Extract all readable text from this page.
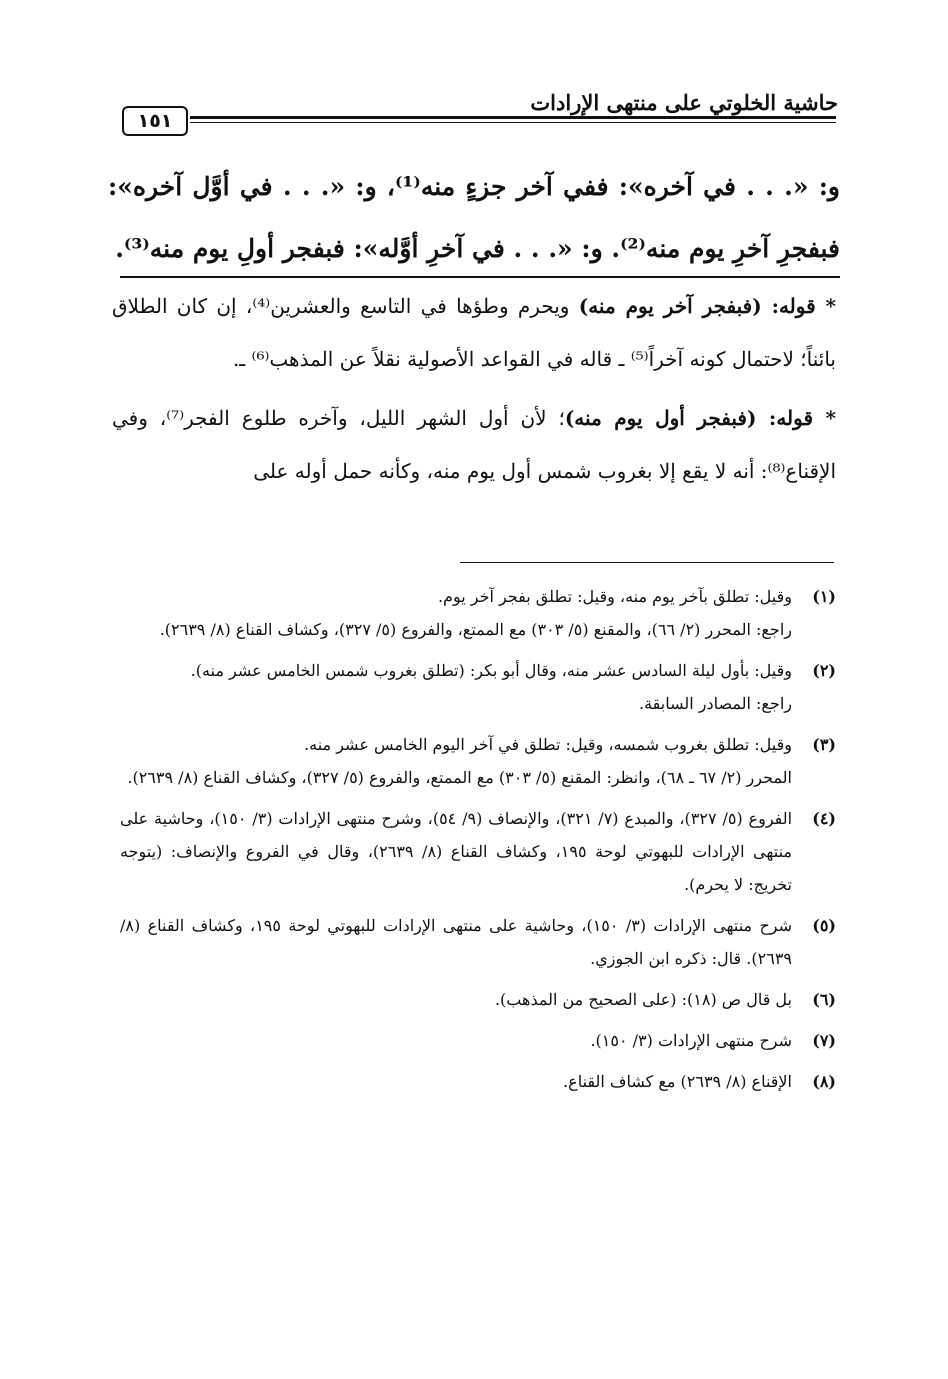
حاشية الخلوتي على منتهى الإرادات
١٥١
و: «. . . في آخره»: ففي آخر جزءٍ منه⁽¹⁾، و: «. . . في أوَّل آخره»: فبفجرِ آخرِ يوم منه⁽²⁾. و: «. . . في آخرِ أوَّله»: فبفجر أولِ يوم منه⁽³⁾.

* قوله: (فبفجر آخر يوم منه) ويحرم وطؤها في التاسع والعشرين⁽⁴⁾، إن كان الطلاق بائناً؛ لاحتمال كونه آخراً⁽⁵⁾ ـ قاله في القواعد الأصولية نقلاً عن المذهب⁽⁶⁾ ـ.

* قوله: (فبفجر أول يوم منه)؛ لأن أول الشهر الليل، وآخره طلوع الفجر⁽⁷⁾، وفي الإقناع⁽⁸⁾: أنه لا يقع إلا بغروب شمس أول يوم منه، وكأنه حمل أوله على

(١)
وقيل: تطلق بآخر يوم منه، وقيل: تطلق بفجر آخر يوم.
راجع: المحرر (٢/ ٦٦)، والمقنع (٥/ ٣٠٣) مع الممتع، والفروع (٥/ ٣٢٧)، وكشاف القناع (٨/ ٢٦٣٩).
(٢)
وقيل: بأول ليلة السادس عشر منه، وقال أبو بكر: (تطلق بغروب شمس الخامس عشر منه).
راجع: المصادر السابقة.
(٣)
وقيل: تطلق بغروب شمسه، وقيل: تطلق في آخر اليوم الخامس عشر منه.
المحرر (٢/ ٦٧ ـ ٦٨)، وانظر: المقنع (٥/ ٣٠٣) مع الممتع، والفروع (٥/ ٣٢٧)، وكشاف القناع (٨/ ٢٦٣٩).
(٤)
الفروع (٥/ ٣٢٧)، والمبدع (٧/ ٣٢١)، والإنصاف (٩/ ٥٤)، وشرح منتهى الإرادات (٣/ ١٥٠)، وحاشية على منتهى الإرادات للبهوتي لوحة ١٩٥، وكشاف القناع (٨/ ٢٦٣٩)، وقال في الفروع والإنصاف: (يتوجه تخريج: لا يحرم).
(٥)
شرح منتهى الإرادات (٣/ ١٥٠)، وحاشية على منتهى الإرادات للبهوتي لوحة ١٩٥، وكشاف القناع (٨/ ٢٦٣٩). قال: ذكره ابن الجوزي.
(٦)
بل قال ص (١٨): (على الصحيح من المذهب).
(٧)
شرح منتهى الإرادات (٣/ ١٥٠).
(٨)
الإقناع (٨/ ٢٦٣٩) مع كشاف القناع.
